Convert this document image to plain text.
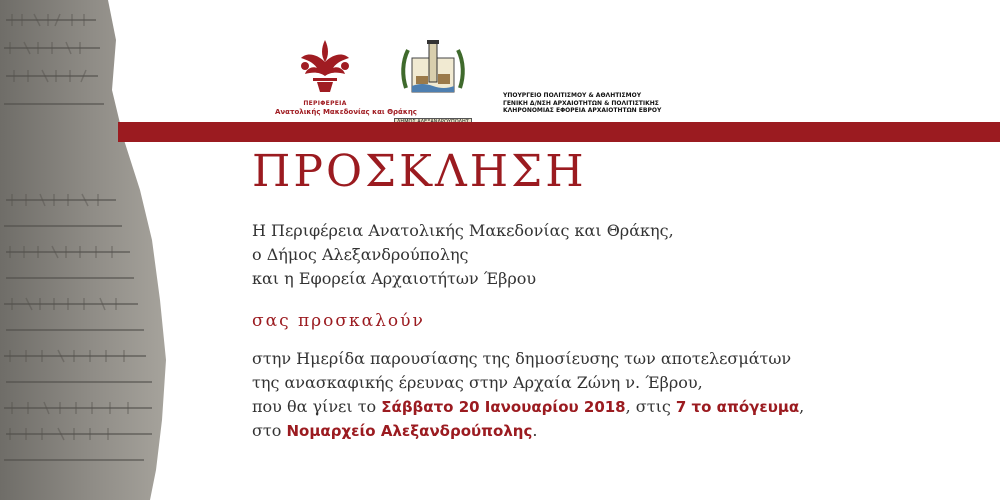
ΠΕΡΙΦΕΡΕΙΑ
Ανατολικής Μακεδονίας και Θράκης
ΥΠΟΥΡΓΕΙΟ ΠΟΛΙΤΙΣΜΟΥ & ΑΘΛΗΤΙΣΜΟΥ
ΓΕΝΙΚΗ Δ/ΝΣΗ ΑΡΧΑΙΟΤΗΤΩΝ & ΠΟΛΙΤΙΣΤΙΚΗΣ
ΚΛΗΡΟΝΟΜΙΑΣ ΕΦΟΡΕΙΑ ΑΡΧΑΙΟΤΗΤΩΝ ΕΒΡΟΥ
ΠΡΟΣΚΛΗΣΗ
Η Περιφέρεια Ανατολικής Μακεδονίας και Θράκης,
ο Δήμος Αλεξανδρούπολης
και η Εφορεία Αρχαιοτήτων Έβρου
σας προσκαλούν
στην Ημερίδα παρουσίασης της δημοσίευσης των αποτελεσμάτων
της ανασκαφικής έρευνας στην Αρχαία Ζώνη ν. Έβρου,
που θα γίνει το Σάββατο 20 Ιανουαρίου 2018, στις 7 το απόγευμα,
στο Νομαρχείο Αλεξανδρούπολης.
